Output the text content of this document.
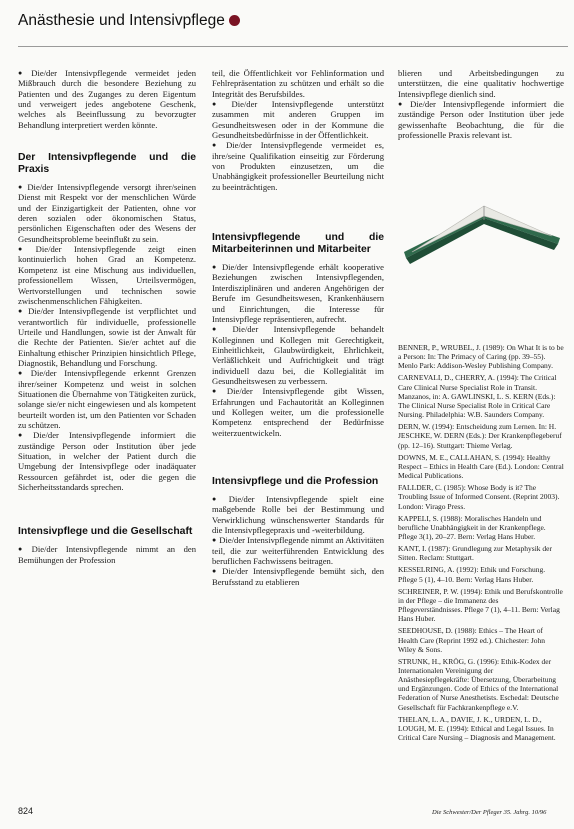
Anästhesie und Intensivpflege

● Die/der Intensivpflegende vermeidet jeden Mißbrauch durch die besondere Beziehung zu Patienten und des Zuganges zu deren Eigentum und verweigert jedes angebotene Geschenk, welches als Beeinflussung zu bevorzugter Behandlung interpretiert werden könnte.

Der Intensivpflegende und die Praxis

● Die/der Intensivpflegende versorgt ihrer/seinen Dienst mit Respekt vor der menschlichen Würde und der Einzigartigkeit der Patienten, ohne vor deren sozialen oder ökonomischen Status, persönlichen Eigenschaften oder des Wesens der Gesundheitsprobleme beeinflußt zu sein.

● Die/der Intensivpflegende zeigt einen kontinuierlich hohen Grad an Kompetenz. Kompetenz ist eine Mischung aus individuellen, professionellem Wissen, Urteilsvermögen, Wertvorstellungen und technischen sowie zwischenmenschlichen Fähigkeiten.

● Die/der Intensivpflegende ist verpflichtet und verantwortlich für individuelle, professionelle Urteile und Handlungen, sowie ist der Anwalt für die Rechte der Patienten. Sie/er achtet auf die Einhaltung ethischer Prinzipien hinsichtlich Pflege, Diagnostik, Behandlung und Forschung.

● Die/der Intensivpflegende erkennt Grenzen ihrer/seiner Kompetenz und weist in solchen Situationen die Übernahme von Tätigkeiten zurück, solange sie/er nicht eingewiesen und als kompetent beurteilt worden ist, um den Patienten vor Schaden zu schützen.

● Die/der Intensivpflegende informiert die zuständige Person oder Institution über jede Situation, in welcher der Patient durch die Umgebung der Intensivpflege oder inadäquater Ressourcen gefährdet ist, oder die gegen die Sicherheitsstandards sprechen.

Intensivpflege und die Gesellschaft

● Die/der Intensivpflegende nimmt an den Bemühungen der Profession

teil, die Öffentlichkeit vor Fehlinformation und Fehlrepräsentation zu schützen und erhält so die Integrität des Berufsbildes.

● Die/der Intensivpflegende unterstützt zusammen mit anderen Gruppen im Gesundheitswesen oder in der Kommune die Gesundheitsbedürfnisse in der Öffentlichkeit.

● Die/der Intensivpflegende vermeidet es, ihre/seine Qualifikation einseitig zur Förderung von Produkten einzusetzen, um die Unabhängigkeit professioneller Beurteilung nicht zu beeinträchtigen.

Intensivpflegende und die Mitarbeiterinnen und Mitarbeiter

● Die/der Intensivpflegende erhält kooperative Beziehungen zwischen Intensivpflegenden, Interdisziplinären und anderen Angehörigen der Berufe im Gesundheitswesen, Krankenhäusern und Einrichtungen, die Interesse für Intensivpflege repräsentieren, aufrecht.

● Die/der Intensivpflegende behandelt Kolleginnen und Kollegen mit Gerechtigkeit, Einheitlichkeit, Glaubwürdigkeit, Ehrlichkeit, Verläßlichkeit und Aufrichtigkeit und trägt individuell dazu bei, die Kollegialität im Gesundheitswesen zu verbessern.

● Die/der Intensivpflegende gibt Wissen, Erfahrungen und Fachautorität an Kolleginnen und Kollegen weiter, um die professionelle Kompetenz entsprechend der Bedürfnisse weiterzuentwickeln.

Intensivpflege und die Profession

● Die/der Intensivpflegende spielt eine maßgebende Rolle bei der Bestimmung und Verwirklichung wünschenswerter Standards für die Intensivpflegepraxis und -weiterbildung.

● Die/der Intensivpflegende nimmt an Aktivitäten teil, die zur weiterführenden Entwicklung des beruflichen Fachwissens beitragen.

● Die/der Intensivpflegende bemüht sich, den Berufsstand zu etablieren

blieren und Arbeitsbedingungen zu unterstützen, die eine qualitativ hochwertige Intensivpflege dienlich sind.

● Die/der Intensivpflegende informiert die zuständige Person oder Institution über jede gewissenhafte Beobachtung, die für die professionelle Praxis relevant ist.

BENNER, P., WRUBEL, J. (1989): On What It is to be a Person: In: The Primacy of Caring (pp. 39–55). Menlo Park: Addison-Wesley Publishing Company.

CARNEVALI, D., CHERRY, A. (1994): The Critical Care Clinical Nurse Specialist Role in Transit. Manzanos, in: A. GAWLINSKI, L. S. KERN (Eds.): The Clinical Nurse Specialist Role in Critical Care Nursing. Philadelphia: W.B. Saunders Company.

DERN, W. (1994): Entscheidung zum Lernen. In: H. JESCHKE, W. DERN (Eds.): Der Krankenpflegeberuf (pp. 12–16). Stuttgart: Thieme Verlag.

DOWNS, M. E., CALLAHAN, S. (1994): Healthy Respect – Ethics in Health Care (Ed.). London: Central Medical Publications.

FALLDER, C. (1985): Whose Body is it? The Troubling Issue of Informed Consent. (Reprint 2003). London: Virago Press.

KAPPELI, S. (1988): Moralisches Handeln und berufliche Unabhängigkeit in der Krankenpflege. Pflege 3(1), 20–27. Bern: Verlag Hans Huber.

KANT, I. (1987): Grundlegung zur Metaphysik der Sitten. Reclam: Stuttgart.

KESSELRING, A. (1992): Ethik und Forschung. Pflege 5 (1), 4–10. Bern: Verlag Hans Huber.

SCHREINER, P. W. (1994): Ethik und Berufskontrolle in der Pflege – die Immanenz des Pflegeverständnisses. Pflege 7 (1), 4–11. Bern: Verlag Hans Huber.

SEEDHOUSE, D. (1988): Ethics – The Heart of Health Care (Reprint 1992 ed.). Chichester: John Wiley & Sons.

STRUNK, H., KRÖG, G. (1996): Ethik-Kodex der Internationalen Vereinigung der Anästhesiepflegekräfte: Übersetzung, Überarbeitung und Ergänzungen. Code of Ethics of the International Federation of Nurse Anesthetists. Eschedal: Deutsche Gesellschaft für Fachkrankenpflege e.V.

THELAN, L. A., DAVIE, J. K., URDEN, L. D., LOUGH, M. E. (1994): Ethical and Legal Issues. In Critical Care Nursing – Diagnosis and Management.

824	Die Schwester/Der Pfleger 35. Jahrg. 10/96
